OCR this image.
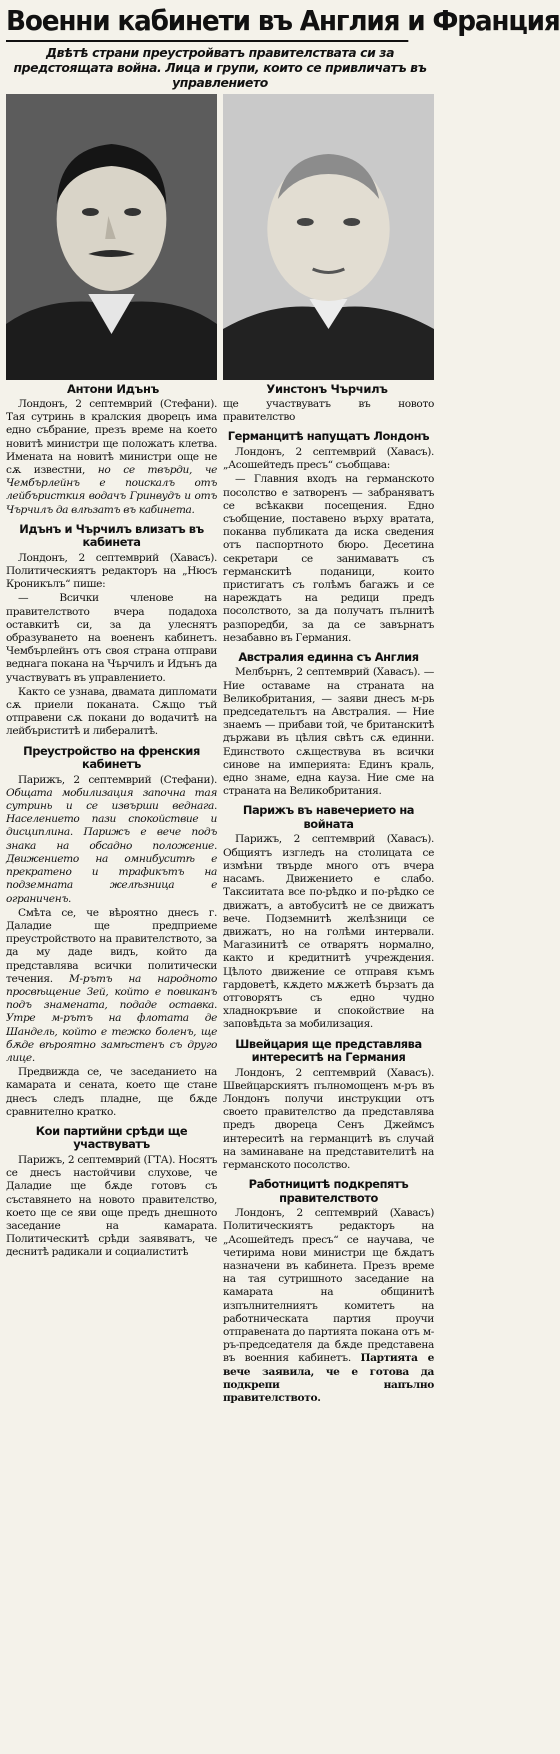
Военни кабинети въ Англия и Франция
Двѣтѣ страни преустройватъ правителствата си за предстоящата война. Лица и групи, които се привличатъ въ управлението
Антони Идънъ	Уинстонъ Чърчилъ

Лондонъ, 2 септемврий (Стефани). Тая сутринь в кралския дворецъ има едно събрание, презъ време на което новитѣ министри ще положатъ клетва. Имената на новитѣ министри още не сѫ известни, но се твърди, че Чембърлейнъ е поискалъ отъ лейбъристкия водачъ Гринвудъ и отъ Чърчилъ да влѣзатъ въ кабинета.

Идънъ и Чърчилъ влизатъ въ кабинета

Лондонъ, 2 септемврий (Хавасъ). Политическиятъ редакторъ на „Нюсъ Кроникълъ“ пише:

— Всички членове на правителството вчера подадоха оставкитѣ си, за да улеснятъ образуването на воененъ кабинетъ. Чембърлейнъ отъ своя страна отправи веднага покана на Чърчилъ и Идънъ да участвуватъ въ управлението.

Както се узнава, двамата дипломати сѫ приели поканата. Сѫщо тъй отправени сѫ покани до водачитѣ на лейбъриститѣ и либералитѣ.

Преустройство на френския кабинетъ

Парижъ, 2 септемврий (Стефани). Общата мобилизация започна тая сутринь и се извърши веднага. Населението пази спокойствие и дисциплина. Парижъ е вече подъ знака на обсадно положение. Движението на омнибуситѣ е прекратено и трафикътъ на подземната желѣзница е ограниченъ.

Смѣта се, че вѣроятно днесъ г. Даладие ще предприеме преустройството на правителството, за да му даде видъ, който да представлява всички политически течения. М-рътъ на народното просвѣщение Зей, който е повиканъ подъ знамената, подаде оставка. Утре м-рътъ на флотата де Шандель, който е тежко боленъ, ще бѫде вѣроятно замѣстенъ съ друго лице.

Предвижда се, че заседанието на камарата и сената, което ще стане днесъ следъ пладне, ще бѫде сравнително кратко.

Кои партийни срѣди ще участвуватъ

Парижъ, 2 септемврий (ГТА). Носятъ се днесъ настойчиви слухове, че Даладие ще бѫде готовъ съ съставянето на новото правителство, което ще се яви още предъ днешното заседание на камарата. Политическитѣ срѣди заявяватъ, че деснитѣ радикали и социалиститѣ

ще участвуватъ въ новото правителство

Германцитѣ напущатъ Лондонъ

Лондонъ, 2 септемврий (Хавасъ). „Асошейтедъ пресъ“ съобщава:

— Главния входъ на германското посолство е затворенъ — забраняватъ се всѣкакви посещения. Едно съобщение, поставено върху вратата, поканва публиката да иска сведения отъ паспортното бюро. Десетина секретари се занимаватъ съ германскитѣ поданици, които пристигатъ съ голѣмъ багажъ и се нареждатъ на редици предъ посолството, за да получатъ пълнитѣ разпоредби, за да се завърнатъ незабавно въ Германия.

Австралия единна съ Англия

Мелбърнъ, 2 септемврий (Хавасъ). — Ние оставаме на страната на Великобритания, — заяви днесъ м-рь председательтъ на Австралия. — Ние знаемъ — прибави той, че британскитѣ държави въ цѣлия свѣтъ сѫ единни. Единството сѫществува въ всички синове на империята: Единъ краль, едно знаме, една кауза. Ние сме на страната на Великобритания.

Парижъ въ навечерието на войната

Парижъ, 2 септемврий (Хавасъ). Общиятъ изгледъ на столицата се измѣни твърде много отъ вчера насамъ. Движението е слабо. Таксиитата все по-рѣдко и по-рѣдко се движатъ, а автобуситѣ не се движатъ вече. Подземнитѣ желѣзници се движатъ, но на голѣми интервали. Магазинитѣ се отварятъ нормално, както и кредитнитѣ учреждения. Цѣлото движение се отправя къмъ гардоветѣ, кѫдето мѫжетѣ бързатъ да отговорятъ съ едно чудно хладнокръвие и спокойствие на заповѣдьта за мобилизация.

Швейцария ще представлява интереситѣ на Германия

Лондонъ, 2 септемврий (Хавасъ). Швейцарскиятъ пълномощенъ м-ръ въ Лондонъ получи инструкции отъ своето правителство да представлява предъ двореца Сенъ Джеймсъ интереситѣ на германцитѣ въ случай на заминаване на представителитѣ на германското посолство.

Работницитѣ подкрепятъ правителството

Лондонъ, 2 септемврий (Хавасъ) Политическиятъ редакторъ на „Асошейтедъ пресъ“ се научава, че четирима нови министри ще бѫдатъ назначени въ кабинета. Презъ време на тая сутришното заседание на камарата на общинитѣ изпълнителниятъ комитетъ на работническата партия проучи отправената до партията покана отъ м-ръ-председателя да бѫде представена въ военния кабинетъ. Партията е вече заявила, че е готова да подкрепи напълно правителството.
